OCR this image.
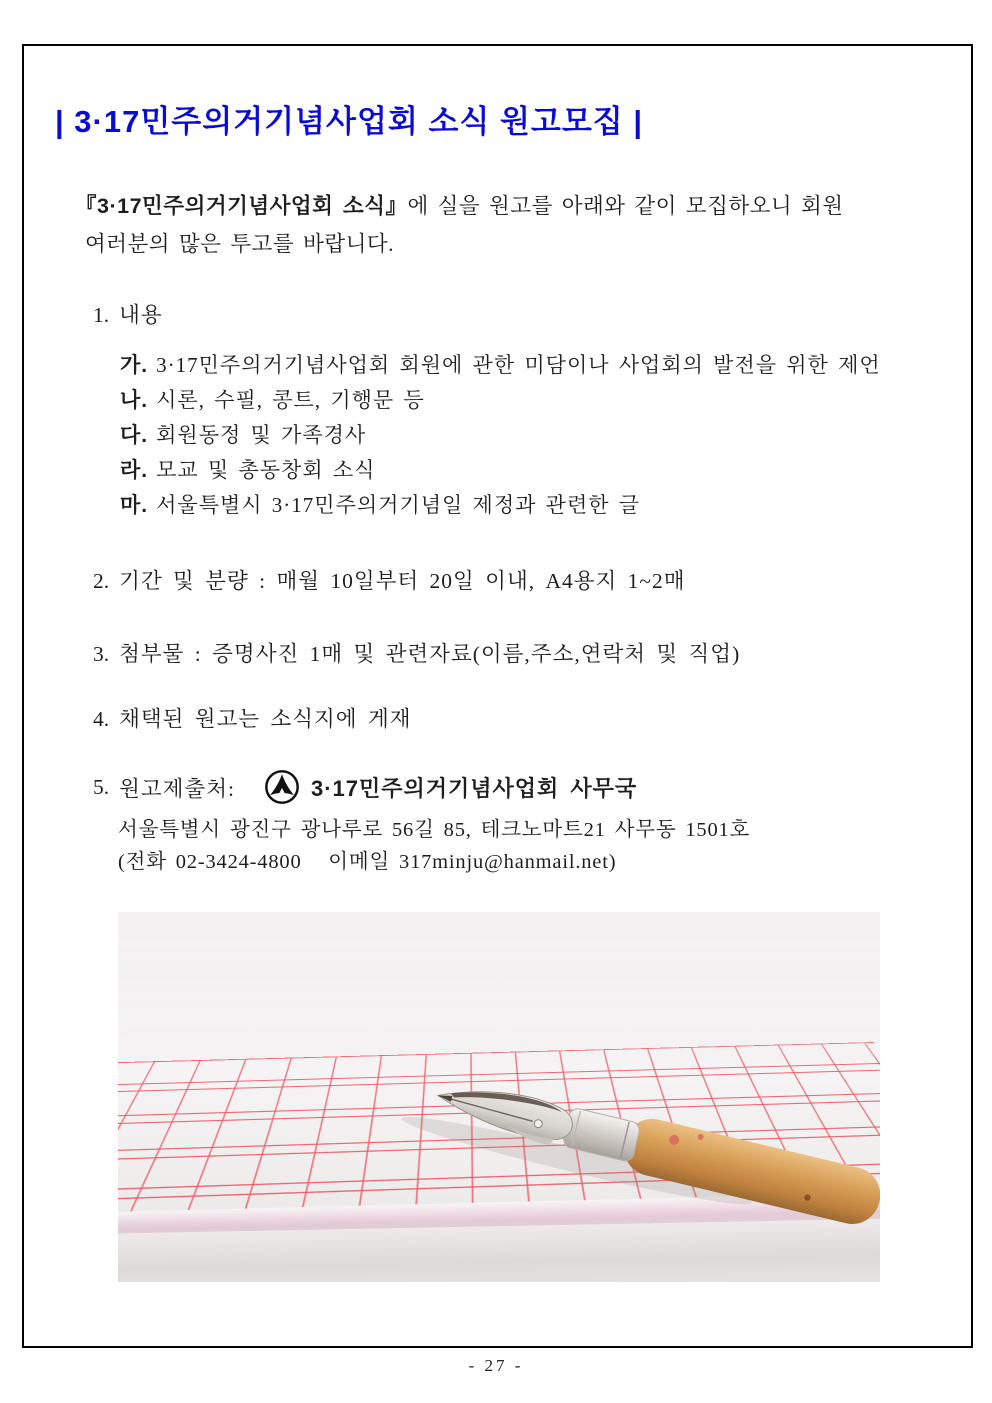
| 3·17민주의거기념사업회 소식 원고모집 |
『3·17민주의거기념사업회 소식』에 실을 원고를 아래와 같이 모집하오니 회원
여러분의 많은 투고를 바랍니다.
1. 내용
가. 3·17민주의거기념사업회 회원에 관한 미담이나 사업회의 발전을 위한 제언
나. 시론, 수필, 콩트, 기행문 등
다. 회원동정 및 가족경사
라. 모교 및 총동창회 소식
마. 서울특별시 3·17민주의거기념일 제정과 관련한 글
2. 기간 및 분량 : 매월 10일부터 20일 이내, A4용지 1~2매
3. 첨부물 : 증명사진 1매 및 관련자료(이름,주소,연락처 및 직업)
4. 채택된 원고는 소식지에 게재
5. 원고제출처:	3·17민주의거기념사업회 사무국
서울특별시 광진구 광나루로 56길 85, 테크노마트21 사무동 1501호
(전화 02-3424-4800   이메일 317minju@hanmail.net)
- 27 -
